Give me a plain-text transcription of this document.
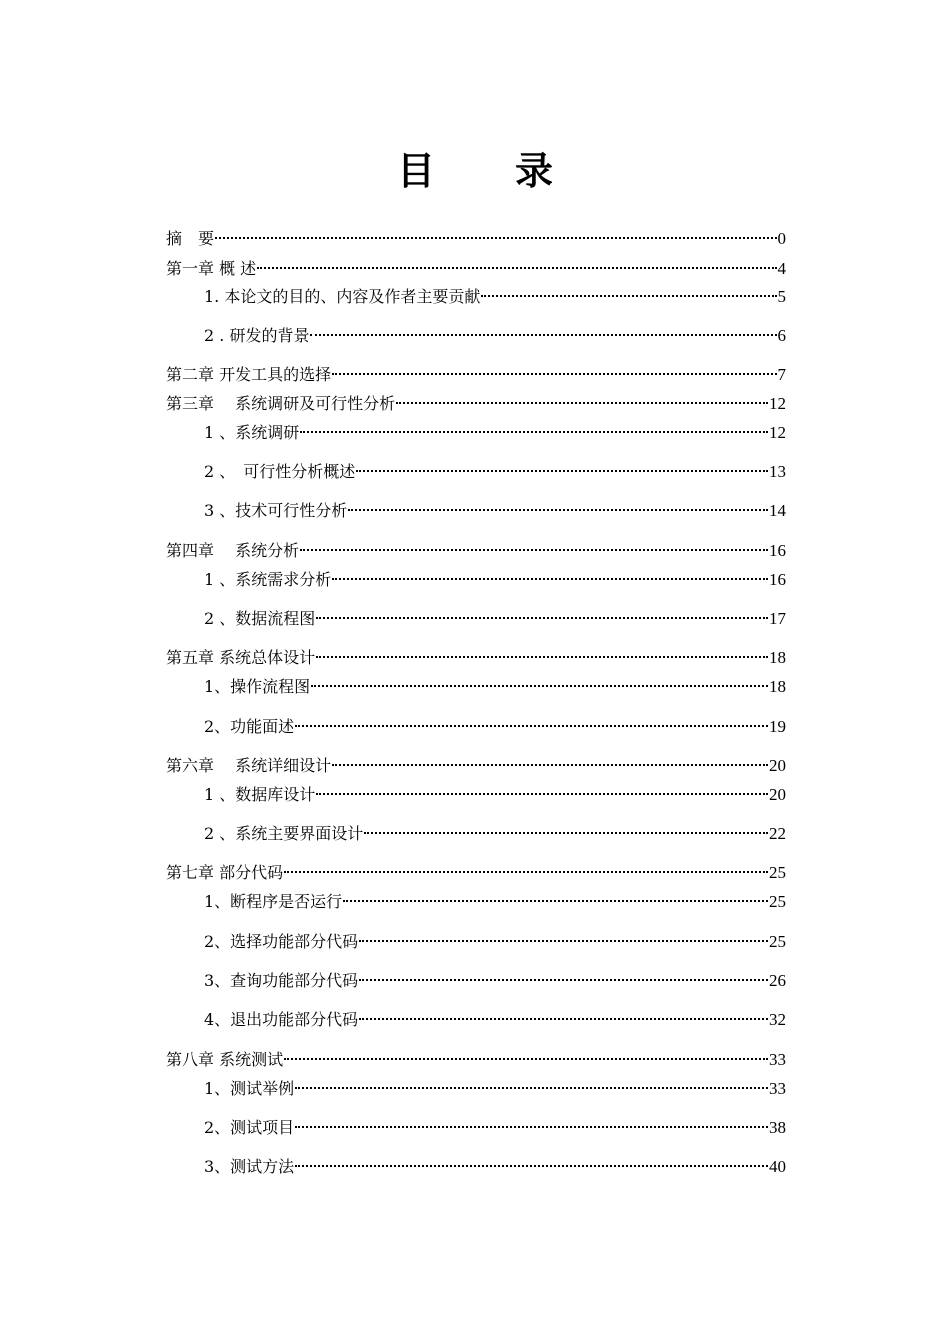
目 录
摘　要	0
第一章 概 述	4
1. 本论文的目的、内容及作者主要贡献	5
2 . 研发的背景	6
第二章 开发工具的选择	7
第三章　 系统调研及可行性分析	12
1 、系统调研	12
2 、　可行性分析概述	13
3 、技术可行性分析	14
第四章　 系统分析	16
1 、系统需求分析	16
2 、数据流程图	17
第五章 系统总体设计	18
1、操作流程图	18
2、功能面述	19
第六章　 系统详细设计	20
1 、数据库设计	20
2 、系统主要界面设计	22
第七章 部分代码	25
1、断程序是否运行	25
2、选择功能部分代码	25
3、查询功能部分代码	26
4、退出功能部分代码	32
第八章 系统测试	33
1、测试举例	33
2、测试项目	38
3、测试方法	40
